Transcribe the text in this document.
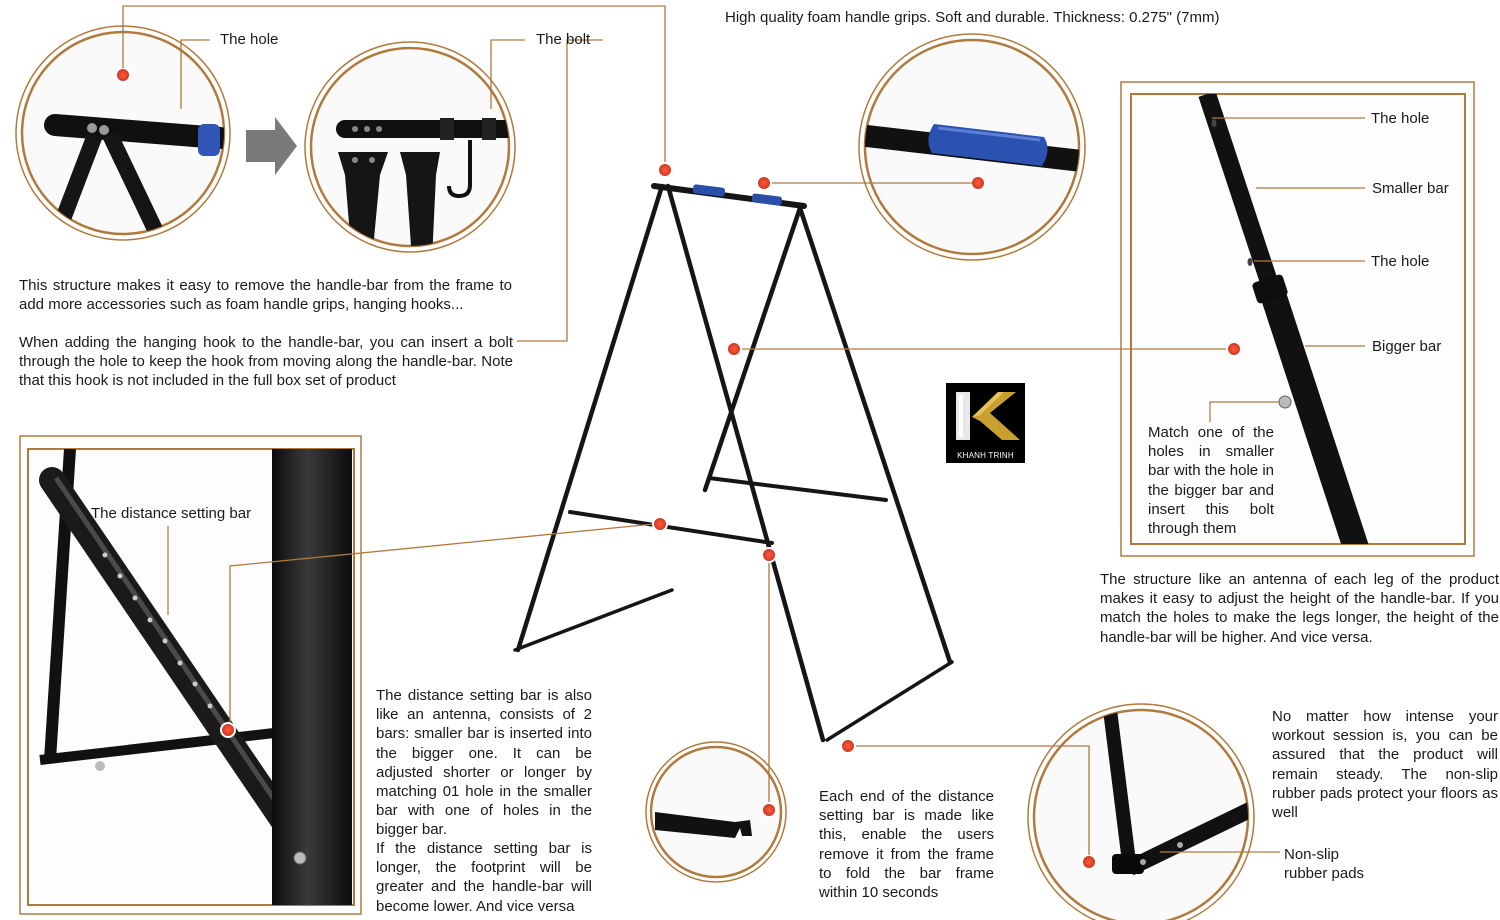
The hole	The bolt
The hole
Smaller bar
The hole
Bigger bar
The distance setting bar
Non-slip
rubber pads
High quality foam handle grips. Soft and durable. Thickness: 0.275" (7mm)

This structure makes it easy to remove the handle-bar from the frame to add more accessories such as foam handle grips, hanging hooks...

When adding the hanging hook to the handle-bar, you can insert a bolt through the hole to keep the hook from moving along the handle-bar. Note that this hook is not included in the full box set of product

Match one of the holes in smaller bar with the hole in the bigger bar and insert this bolt through them

The structure like an antenna of each leg of the product makes it easy to adjust the height of the handle-bar. If you match the holes to make the legs longer, the height of the handle-bar will be higher. And vice versa.

The distance setting bar is also like an antenna, consists of 2 bars: smaller bar is inserted into the bigger one. It can be adjusted shorter or longer by matching 01 hole in the smaller bar with one of holes in the bigger bar.

If the distance setting bar is longer, the footprint will be greater and the handle-bar will become lower. And vice versa

Each end of the distance setting bar is made like this, enable the users remove it from the frame to fold the bar frame within 10 seconds

No matter how intense your workout session is, you can be assured that the product will remain steady. The non-slip rubber pads protect your floors as well

KHANH TRINH
